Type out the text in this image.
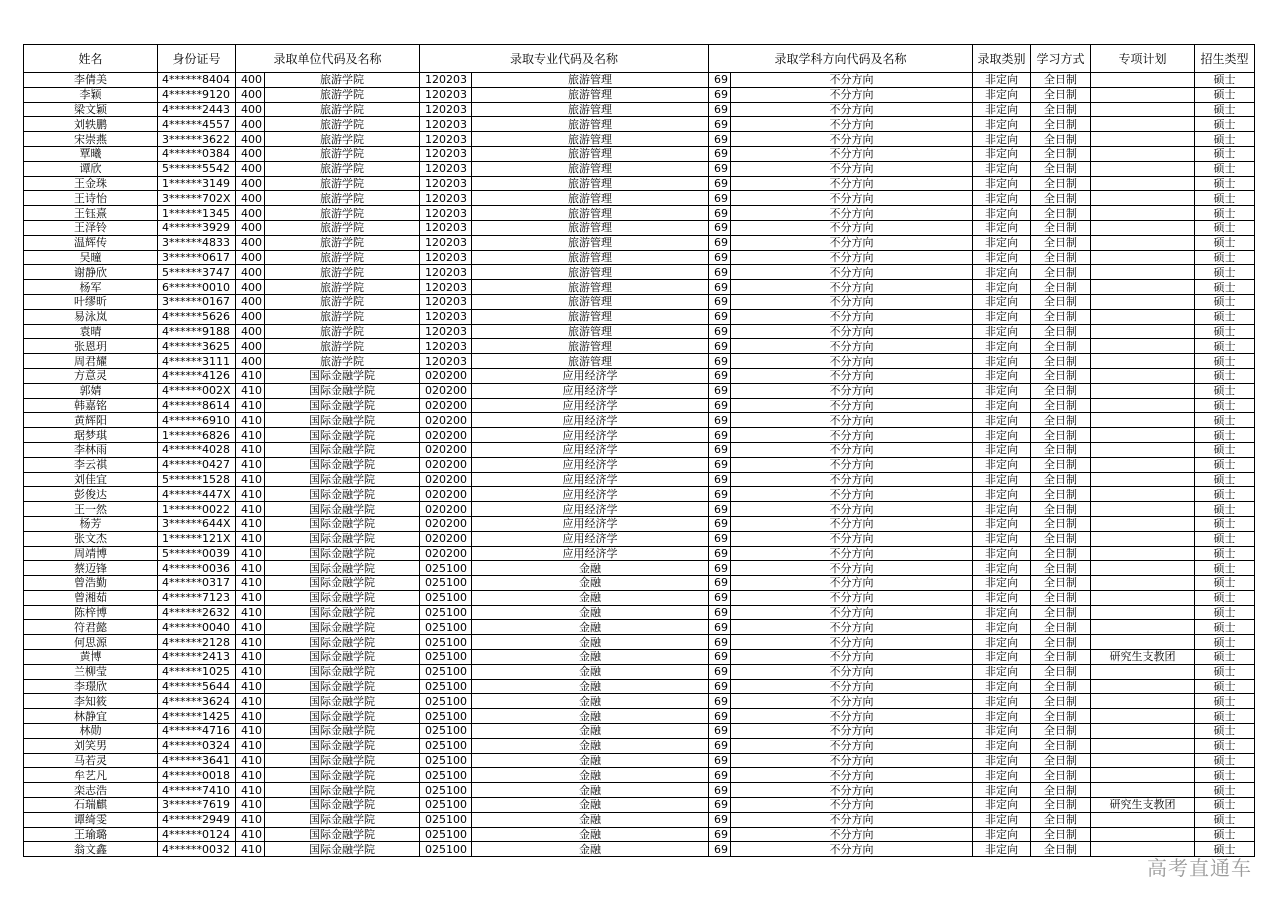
姓名	身份证号	录取单位代码及名称		录取专业代码及名称		录取学科方向代码及名称		录取类别	学习方式	专项计划	招生类型
李倩美	4******8404	400	旅游学院	120203	旅游管理	69	不分方向	非定向	全日制		硕士
李颖	4******9120	400	旅游学院	120203	旅游管理	69	不分方向	非定向	全日制		硕士
梁文颖	4******2443	400	旅游学院	120203	旅游管理	69	不分方向	非定向	全日制		硕士
刘轶鹏	4******4557	400	旅游学院	120203	旅游管理	69	不分方向	非定向	全日制		硕士
宋崇燕	3******3622	400	旅游学院	120203	旅游管理	69	不分方向	非定向	全日制		硕士
覃曦	4******0384	400	旅游学院	120203	旅游管理	69	不分方向	非定向	全日制		硕士
谭欣	5******5542	400	旅游学院	120203	旅游管理	69	不分方向	非定向	全日制		硕士
王金珠	1******3149	400	旅游学院	120203	旅游管理	69	不分方向	非定向	全日制		硕士
王诗怡	3******702X	400	旅游学院	120203	旅游管理	69	不分方向	非定向	全日制		硕士
王钰熹	1******1345	400	旅游学院	120203	旅游管理	69	不分方向	非定向	全日制		硕士
王泽铃	4******3929	400	旅游学院	120203	旅游管理	69	不分方向	非定向	全日制		硕士
温辉传	3******4833	400	旅游学院	120203	旅游管理	69	不分方向	非定向	全日制		硕士
吴曈	3******0617	400	旅游学院	120203	旅游管理	69	不分方向	非定向	全日制		硕士
谢静欣	5******3747	400	旅游学院	120203	旅游管理	69	不分方向	非定向	全日制		硕士
杨军	6******0010	400	旅游学院	120203	旅游管理	69	不分方向	非定向	全日制		硕士
叶缪昕	3******0167	400	旅游学院	120203	旅游管理	69	不分方向	非定向	全日制		硕士
易泳岚	4******5626	400	旅游学院	120203	旅游管理	69	不分方向	非定向	全日制		硕士
袁晴	4******9188	400	旅游学院	120203	旅游管理	69	不分方向	非定向	全日制		硕士
张恩玥	4******3625	400	旅游学院	120203	旅游管理	69	不分方向	非定向	全日制		硕士
周君耀	4******3111	400	旅游学院	120203	旅游管理	69	不分方向	非定向	全日制		硕士
方意灵	4******4126	410	国际金融学院	020200	应用经济学	69	不分方向	非定向	全日制		硕士
郭婧	4******002X	410	国际金融学院	020200	应用经济学	69	不分方向	非定向	全日制		硕士
韩嘉铭	4******8614	410	国际金融学院	020200	应用经济学	69	不分方向	非定向	全日制		硕士
黄辉阳	4******6910	410	国际金融学院	020200	应用经济学	69	不分方向	非定向	全日制		硕士
琚梦琪	1******6826	410	国际金融学院	020200	应用经济学	69	不分方向	非定向	全日制		硕士
李林雨	4******4028	410	国际金融学院	020200	应用经济学	69	不分方向	非定向	全日制		硕士
李云祺	4******0427	410	国际金融学院	020200	应用经济学	69	不分方向	非定向	全日制		硕士
刘佳宜	5******1528	410	国际金融学院	020200	应用经济学	69	不分方向	非定向	全日制		硕士
彭俊达	4******447X	410	国际金融学院	020200	应用经济学	69	不分方向	非定向	全日制		硕士
王一然	1******0022	410	国际金融学院	020200	应用经济学	69	不分方向	非定向	全日制		硕士
杨芳	3******644X	410	国际金融学院	020200	应用经济学	69	不分方向	非定向	全日制		硕士
张文杰	1******121X	410	国际金融学院	020200	应用经济学	69	不分方向	非定向	全日制		硕士
周靖博	5******0039	410	国际金融学院	020200	应用经济学	69	不分方向	非定向	全日制		硕士
蔡迈锋	4******0036	410	国际金融学院	025100	金融	69	不分方向	非定向	全日制		硕士
曾浩勤	4******0317	410	国际金融学院	025100	金融	69	不分方向	非定向	全日制		硕士
曾湘茹	4******7123	410	国际金融学院	025100	金融	69	不分方向	非定向	全日制		硕士
陈梓博	4******2632	410	国际金融学院	025100	金融	69	不分方向	非定向	全日制		硕士
符君懿	4******0040	410	国际金融学院	025100	金融	69	不分方向	非定向	全日制		硕士
何思源	4******2128	410	国际金融学院	025100	金融	69	不分方向	非定向	全日制		硕士
黄博	4******2413	410	国际金融学院	025100	金融	69	不分方向	非定向	全日制	研究生支教团	硕士
兰柳莹	4******1025	410	国际金融学院	025100	金融	69	不分方向	非定向	全日制		硕士
李璟欣	4******5644	410	国际金融学院	025100	金融	69	不分方向	非定向	全日制		硕士
李知筱	4******3624	410	国际金融学院	025100	金融	69	不分方向	非定向	全日制		硕士
林静宜	4******1425	410	国际金融学院	025100	金融	69	不分方向	非定向	全日制		硕士
林勋	4******4716	410	国际金融学院	025100	金融	69	不分方向	非定向	全日制		硕士
刘笑男	4******0324	410	国际金融学院	025100	金融	69	不分方向	非定向	全日制		硕士
马若灵	4******3641	410	国际金融学院	025100	金融	69	不分方向	非定向	全日制		硕士
牟艺凡	4******0018	410	国际金融学院	025100	金融	69	不分方向	非定向	全日制		硕士
栾志浩	4******7410	410	国际金融学院	025100	金融	69	不分方向	非定向	全日制		硕士
石瑞麒	3******7619	410	国际金融学院	025100	金融	69	不分方向	非定向	全日制	研究生支教团	硕士
谭绮雯	4******2949	410	国际金融学院	025100	金融	69	不分方向	非定向	全日制		硕士
王瑜璐	4******0124	410	国际金融学院	025100	金融	69	不分方向	非定向	全日制		硕士
翁文鑫	4******0032	410	国际金融学院	025100	金融	69	不分方向	非定向	全日制		硕士
高考直通车
